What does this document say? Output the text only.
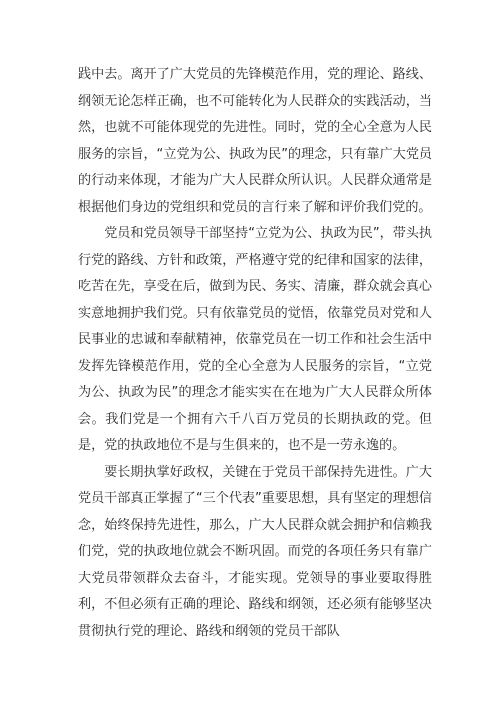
践中去。离开了广大党员的先锋模范作用，党的理论、路线、纲领无论怎样正确，也不可能转化为人民群众的实践活动，当然，也就不可能体现党的先进性。同时，党的全心全意为人民服务的宗旨，“立党为公、执政为民”的理念，只有靠广大党员的行动来体现，才能为广大人民群众所认识。人民群众通常是根据他们身边的党组织和党员的言行来了解和评价我们党的。

党员和党员领导干部坚持“立党为公、执政为民”，带头执行党的路线、方针和政策，严格遵守党的纪律和国家的法律，吃苦在先，享受在后，做到为民、务实、清廉，群众就会真心实意地拥护我们党。只有依靠党员的觉悟，依靠党员对党和人民事业的忠诚和奉献精神，依靠党员在一切工作和社会生活中发挥先锋模范作用，党的全心全意为人民服务的宗旨，“立党为公、执政为民”的理念才能实实在在地为广大人民群众所体会。我们党是一个拥有六千八百万党员的长期执政的党。但是，党的执政地位不是与生俱来的，也不是一劳永逸的。

要长期执掌好政权，关键在于党员干部保持先进性。广大党员干部真正掌握了“三个代表”重要思想，具有坚定的理想信念，始终保持先进性，那么，广大人民群众就会拥护和信赖我们党，党的执政地位就会不断巩固。而党的各项任务只有靠广大党员带领群众去奋斗，才能实现。党领导的事业要取得胜利，不但必须有正确的理论、路线和纲领，还必须有能够坚决贯彻执行党的理论、路线和纲领的党员干部队
